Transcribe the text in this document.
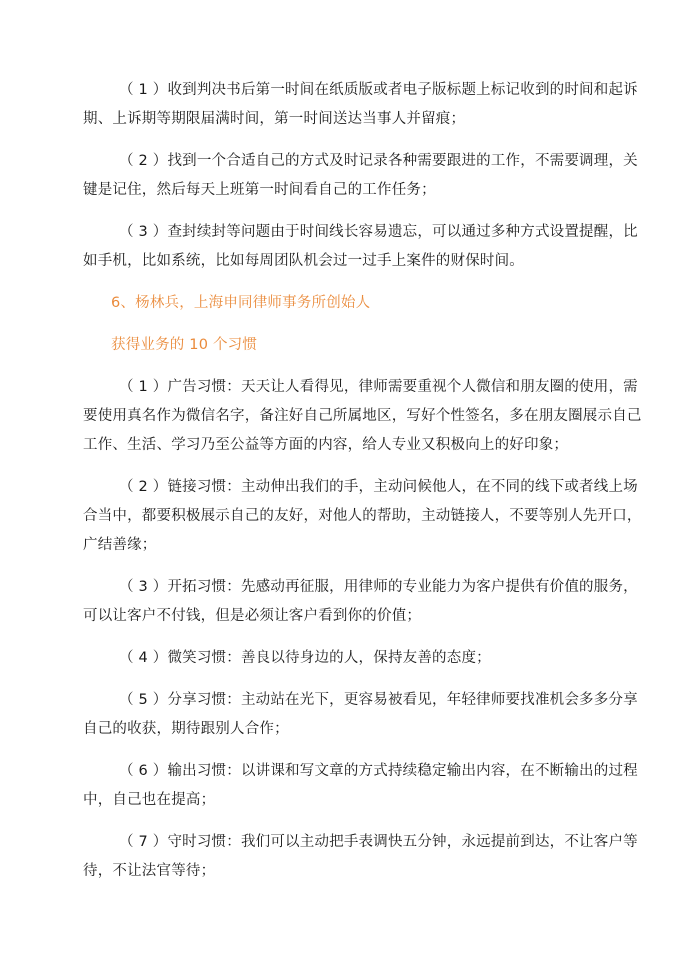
（ 1 ）收到判决书后第一时间在纸质版或者电子版标题上标记收到的时间和起诉
期、上诉期等期限届满时间，第一时间送达当事人并留痕；
（ 2 ）找到一个合适自己的方式及时记录各种需要跟进的工作，不需要调理，关
键是记住，然后每天上班第一时间看自己的工作任务；
（ 3 ）查封续封等问题由于时间线长容易遗忘，可以通过多种方式设置提醒，比
如手机，比如系统，比如每周团队机会过一过手上案件的财保时间。
6、杨林兵，上海申同律师事务所创始人
获得业务的 10 个习惯
（ 1 ）广告习惯：天天让人看得见，律师需要重视个人微信和朋友圈的使用，需
要使用真名作为微信名字，备注好自己所属地区，写好个性签名，多在朋友圈展示自己
工作、生活、学习乃至公益等方面的内容，给人专业又积极向上的好印象；
（ 2 ）链接习惯：主动伸出我们的手，主动问候他人，在不同的线下或者线上场
合当中，都要积极展示自己的友好，对他人的帮助，主动链接人，不要等别人先开口，
广结善缘；
（ 3 ）开拓习惯：先感动再征服，用律师的专业能力为客户提供有价值的服务，
可以让客户不付钱，但是必须让客户看到你的价值；
（ 4 ）微笑习惯：善良以待身边的人，保持友善的态度；
（ 5 ）分享习惯：主动站在光下，更容易被看见，年轻律师要找准机会多多分享
自己的收获，期待跟别人合作；
（ 6 ）输出习惯：以讲课和写文章的方式持续稳定输出内容，在不断输出的过程
中，自己也在提高；
（ 7 ）守时习惯：我们可以主动把手表调快五分钟，永远提前到达，不让客户等
待，不让法官等待；
